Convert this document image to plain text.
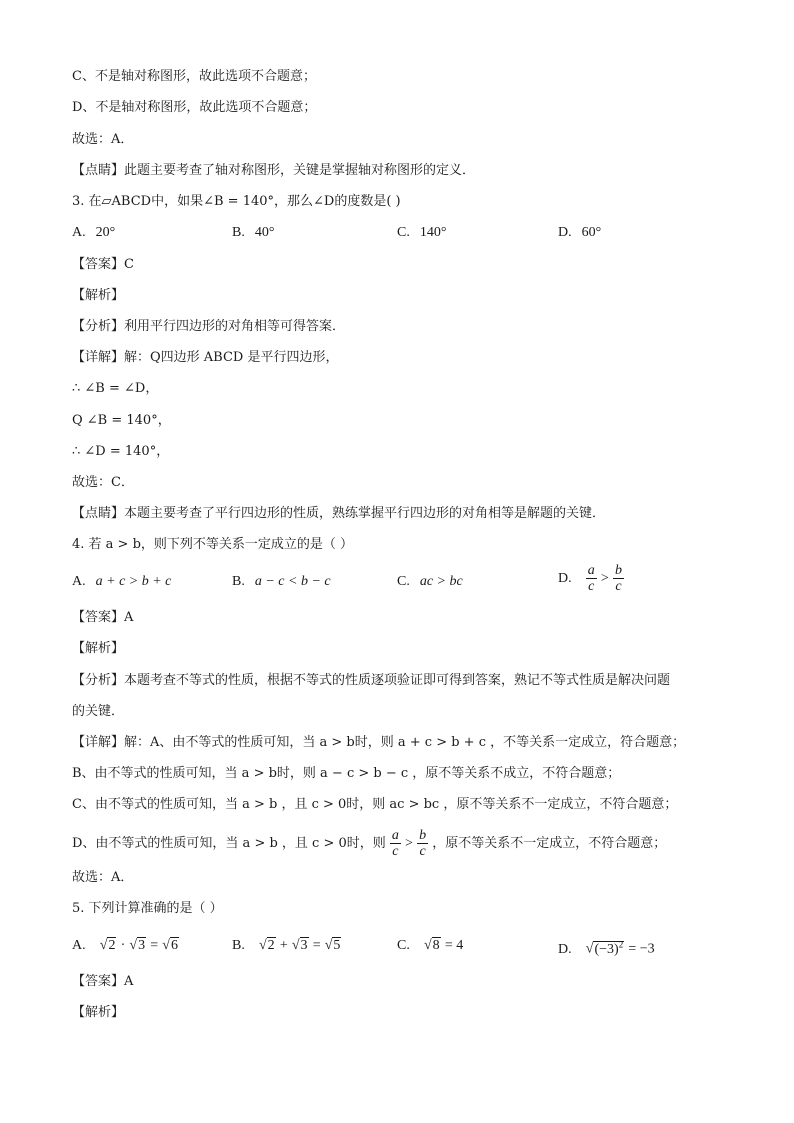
C、不是轴对称图形，故此选项不合题意；
D、不是轴对称图形，故此选项不合题意；
故选：A．
【点睛】此题主要考查了轴对称图形，关键是掌握轴对称图形的定义．
3. 在▱ABCD中，如果∠B = 140°，那么∠D的度数是( )
A. 20°	B. 40°	C. 140°	D. 60°
【答案】C
【解析】
【分析】利用平行四边形的对角相等可得答案．
【详解】解：Q四边形 ABCD 是平行四边形，
∴ ∠B = ∠D，
Q ∠B = 140°，
∴ ∠D = 140°，
故选：C．
【点睛】本题主要考查了平行四边形的性质，熟练掌握平行四边形的对角相等是解题的关键．
4. 若 a > b，则下列不等关系一定成立的是（ ）
A. a + c > b + c	B. a − c < b − c	C. ac > bc	D. $\frac{a}{c} > \frac{b}{c}$
【答案】A
【解析】
【分析】本题考查不等式的性质，根据不等式的性质逐项验证即可得到答案，熟记不等式性质是解决问题
的关键．
【详解】解：A、由不等式的性质可知，当 a > b时，则 a + c > b + c ，不等关系一定成立，符合题意；
B、由不等式的性质可知，当 a > b时，则 a − c > b − c ，原不等关系不成立，不符合题意；
C、由不等式的性质可知，当 a > b ，且 c > 0时，则 ac > bc ，原不等关系不一定成立，不符合题意；
D、由不等式的性质可知，当 a > b ，且 c > 0时，则 $\frac{a}{c} > \frac{b}{c}$ ，原不等关系不一定成立，不符合题意；
故选：A．
5. 下列计算准确的是（ ）
A. √2 · √3 = √6	B. √2 + √3 = √5	C. √8 = 4	D. $√(-3)^2 = -3$
【答案】A
【解析】
